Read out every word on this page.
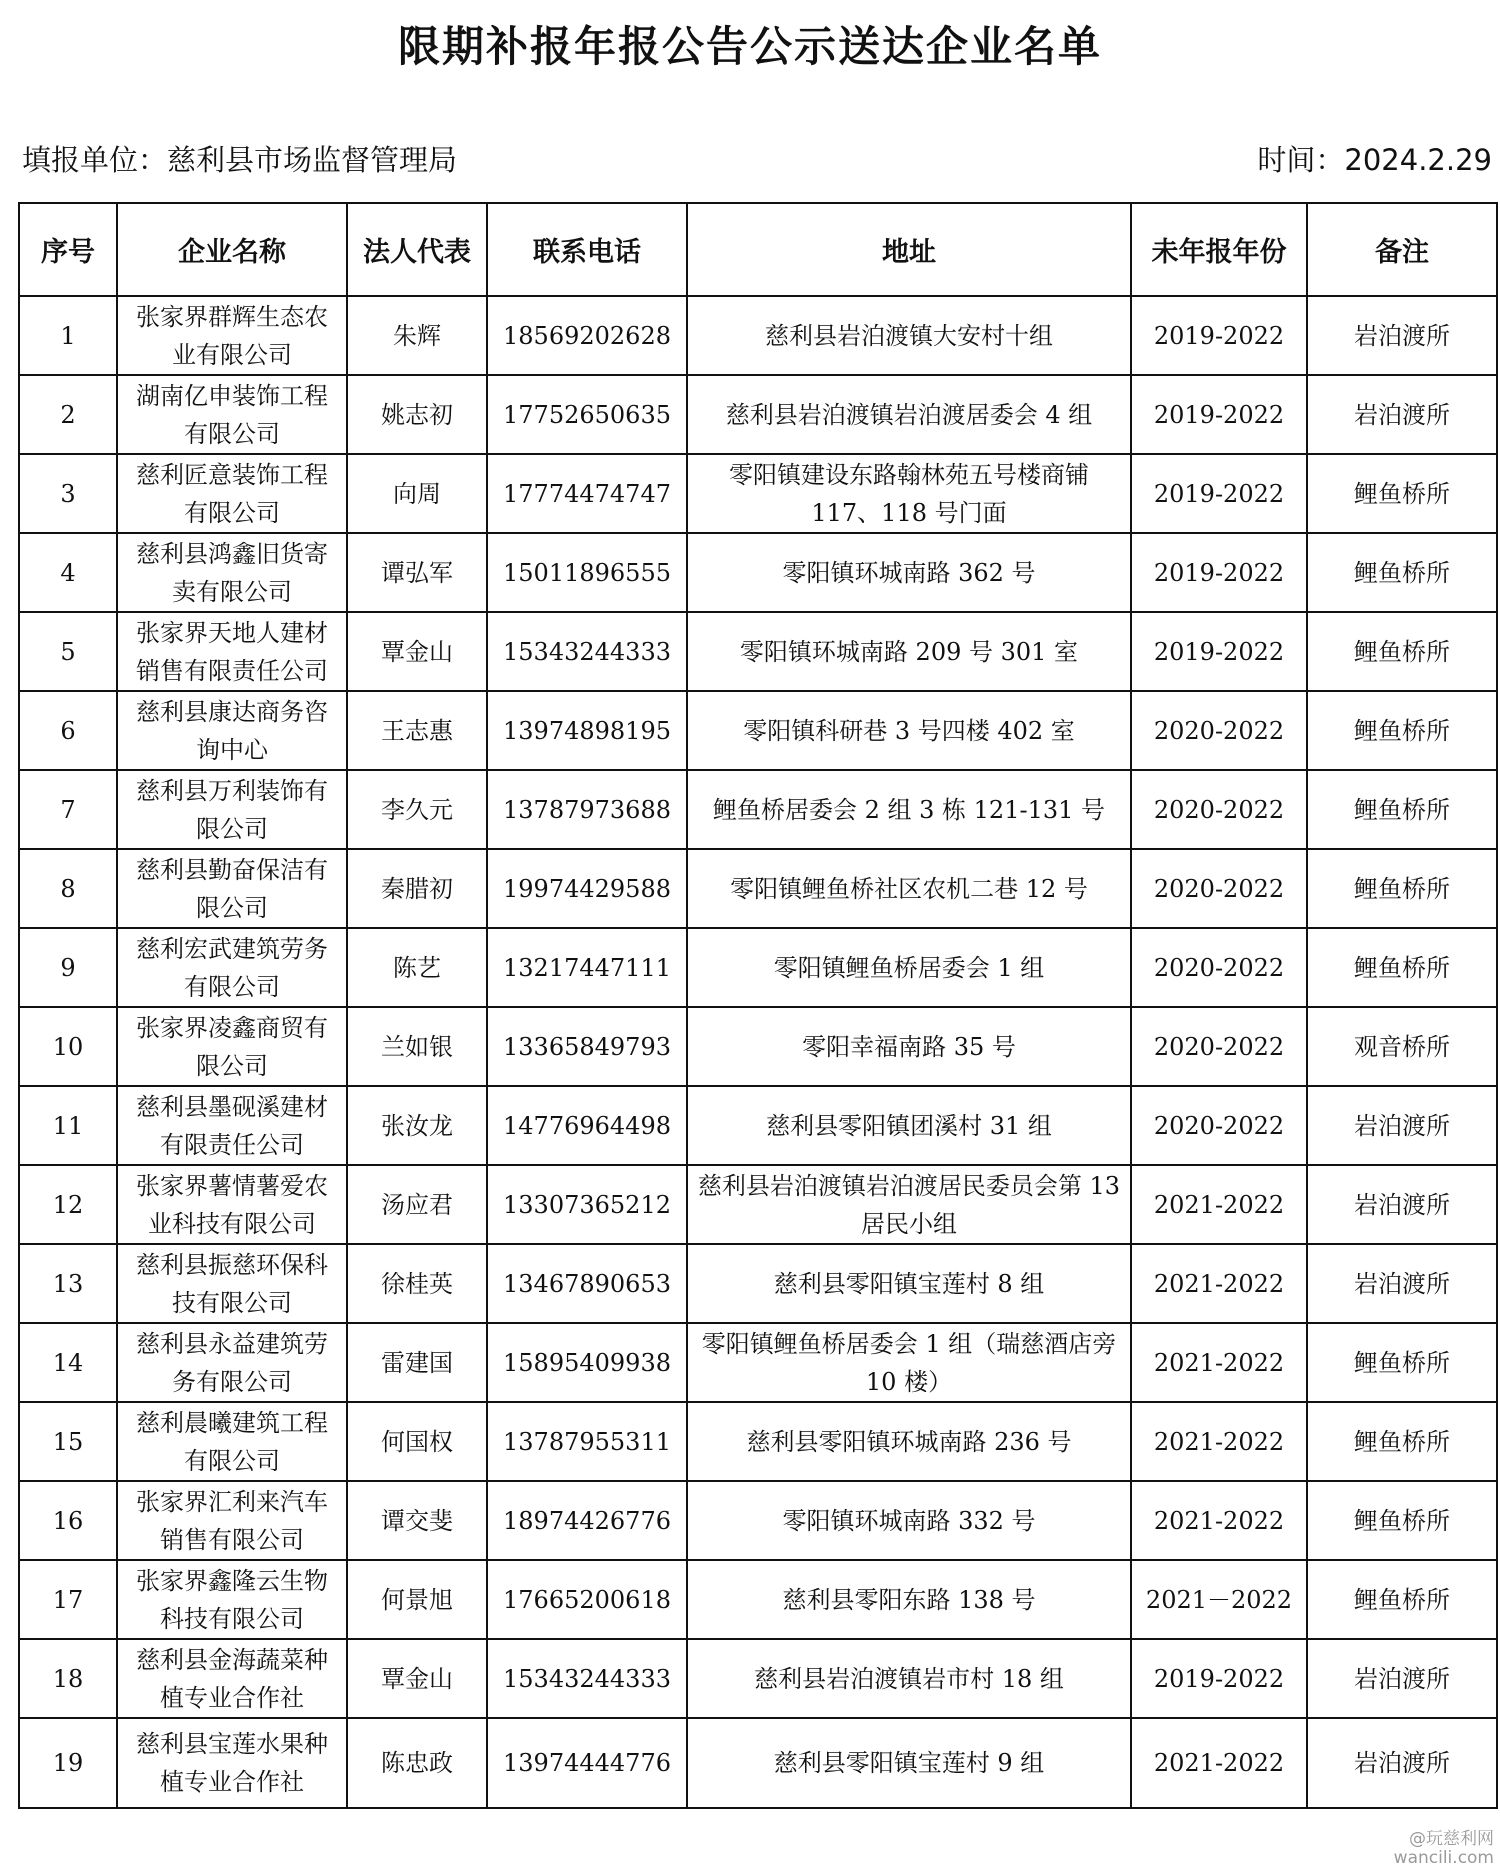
限期补报年报公告公示送达企业名单
填报单位：慈利县市场监督管理局	时间：2024.2.29
序号	企业名称	法人代表	联系电话	地址	未年报年份	备注
1	张家界群辉生态农业有限公司	朱辉	18569202628	慈利县岩泊渡镇大安村十组	2019-2022	岩泊渡所
2	湖南亿申装饰工程有限公司	姚志初	17752650635	慈利县岩泊渡镇岩泊渡居委会 4 组	2019-2022	岩泊渡所
3	慈利匠意装饰工程有限公司	向周	17774474747	零阳镇建设东路翰林苑五号楼商铺 117、118 号门面	2019-2022	鲤鱼桥所
4	慈利县鸿鑫旧货寄卖有限公司	谭弘军	15011896555	零阳镇环城南路 362 号	2019-2022	鲤鱼桥所
5	张家界天地人建材销售有限责任公司	覃金山	15343244333	零阳镇环城南路 209 号 301 室	2019-2022	鲤鱼桥所
6	慈利县康达商务咨询中心	王志惠	13974898195	零阳镇科研巷 3 号四楼 402 室	2020-2022	鲤鱼桥所
7	慈利县万利装饰有限公司	李久元	13787973688	鲤鱼桥居委会 2 组 3 栋 121-131 号	2020-2022	鲤鱼桥所
8	慈利县勤奋保洁有限公司	秦腊初	19974429588	零阳镇鲤鱼桥社区农机二巷 12 号	2020-2022	鲤鱼桥所
9	慈利宏武建筑劳务有限公司	陈艺	13217447111	零阳镇鲤鱼桥居委会 1 组	2020-2022	鲤鱼桥所
10	张家界凌鑫商贸有限公司	兰如银	13365849793	零阳幸福南路 35 号	2020-2022	观音桥所
11	慈利县墨砚溪建材有限责任公司	张汝龙	14776964498	慈利县零阳镇团溪村 31 组	2020-2022	岩泊渡所
12	张家界薯情薯爱农业科技有限公司	汤应君	13307365212	慈利县岩泊渡镇岩泊渡居民委员会第 13 居民小组	2021-2022	岩泊渡所
13	慈利县振慈环保科技有限公司	徐桂英	13467890653	慈利县零阳镇宝莲村 8 组	2021-2022	岩泊渡所
14	慈利县永益建筑劳务有限公司	雷建国	15895409938	零阳镇鲤鱼桥居委会 1 组（瑞慈酒店旁 10 楼）	2021-2022	鲤鱼桥所
15	慈利晨曦建筑工程有限公司	何国权	13787955311	慈利县零阳镇环城南路 236 号	2021-2022	鲤鱼桥所
16	张家界汇利来汽车销售有限公司	谭交斐	18974426776	零阳镇环城南路 332 号	2021-2022	鲤鱼桥所
17	张家界鑫隆云生物科技有限公司	何景旭	17665200618	慈利县零阳东路 138 号	2021－2022	鲤鱼桥所
18	慈利县金海蔬菜种植专业合作社	覃金山	15343244333	慈利县岩泊渡镇岩市村 18 组	2019-2022	岩泊渡所
19	慈利县宝莲水果种植专业合作社	陈忠政	13974444776	慈利县零阳镇宝莲村 9 组	2021-2022	岩泊渡所
@玩慈利网
wancili.com
